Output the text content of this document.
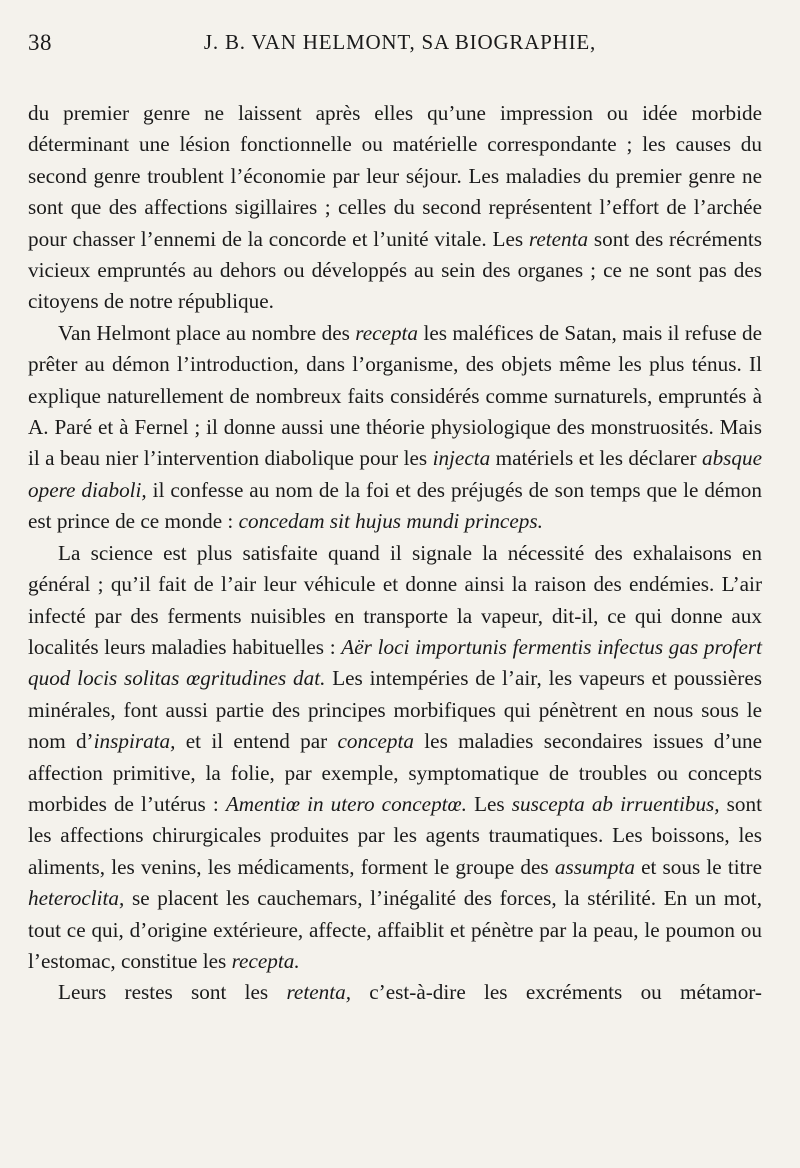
38	J. B. VAN HELMONT, SA BIOGRAPHIE,

du premier genre ne laissent après elles qu’une impression ou idée morbide déterminant une lésion fonctionnelle ou matérielle correspondante ; les causes du second genre troublent l’économie par leur séjour. Les maladies du premier genre ne sont que des affections sigillaires ; celles du second représentent l’effort de l’archée pour chasser l’ennemi de la concorde et l’unité vitale. Les retenta sont des récréments vicieux empruntés au dehors ou développés au sein des organes ; ce ne sont pas des citoyens de notre république.

Van Helmont place au nombre des recepta les maléfices de Satan, mais il refuse de prêter au démon l’introduction, dans l’organisme, des objets même les plus ténus. Il explique naturellement de nombreux faits considérés comme surnaturels, empruntés à A. Paré et à Fernel ; il donne aussi une théorie physiologique des monstruosités. Mais il a beau nier l’intervention diabolique pour les injecta matériels et les déclarer absque opere diaboli, il confesse au nom de la foi et des préjugés de son temps que le démon est prince de ce monde : concedam sit hujus mundi princeps.

La science est plus satisfaite quand il signale la nécessité des exhalaisons en général ; qu’il fait de l’air leur véhicule et donne ainsi la raison des endémies. L’air infecté par des ferments nuisibles en transporte la vapeur, dit-il, ce qui donne aux localités leurs maladies habituelles : Aër loci importunis fermentis infectus gas profert quod locis solitas œgritudines dat. Les intempéries de l’air, les vapeurs et poussières minérales, font aussi partie des principes morbifiques qui pénètrent en nous sous le nom d’inspirata, et il entend par concepta les maladies secondaires issues d’une affection primitive, la folie, par exemple, symptomatique de troubles ou concepts morbides de l’utérus : Amentiœ in utero conceptœ. Les suscepta ab irruentibus, sont les affections chirurgicales produites par les agents traumatiques. Les boissons, les aliments, les venins, les médicaments, forment le groupe des assumpta et sous le titre heteroclita, se placent les cauchemars, l’inégalité des forces, la stérilité. En un mot, tout ce qui, d’origine extérieure, affecte, affaiblit et pénètre par la peau, le poumon ou l’estomac, constitue les recepta.

Leurs restes sont les retenta, c’est-à-dire les excréments ou métamor-
